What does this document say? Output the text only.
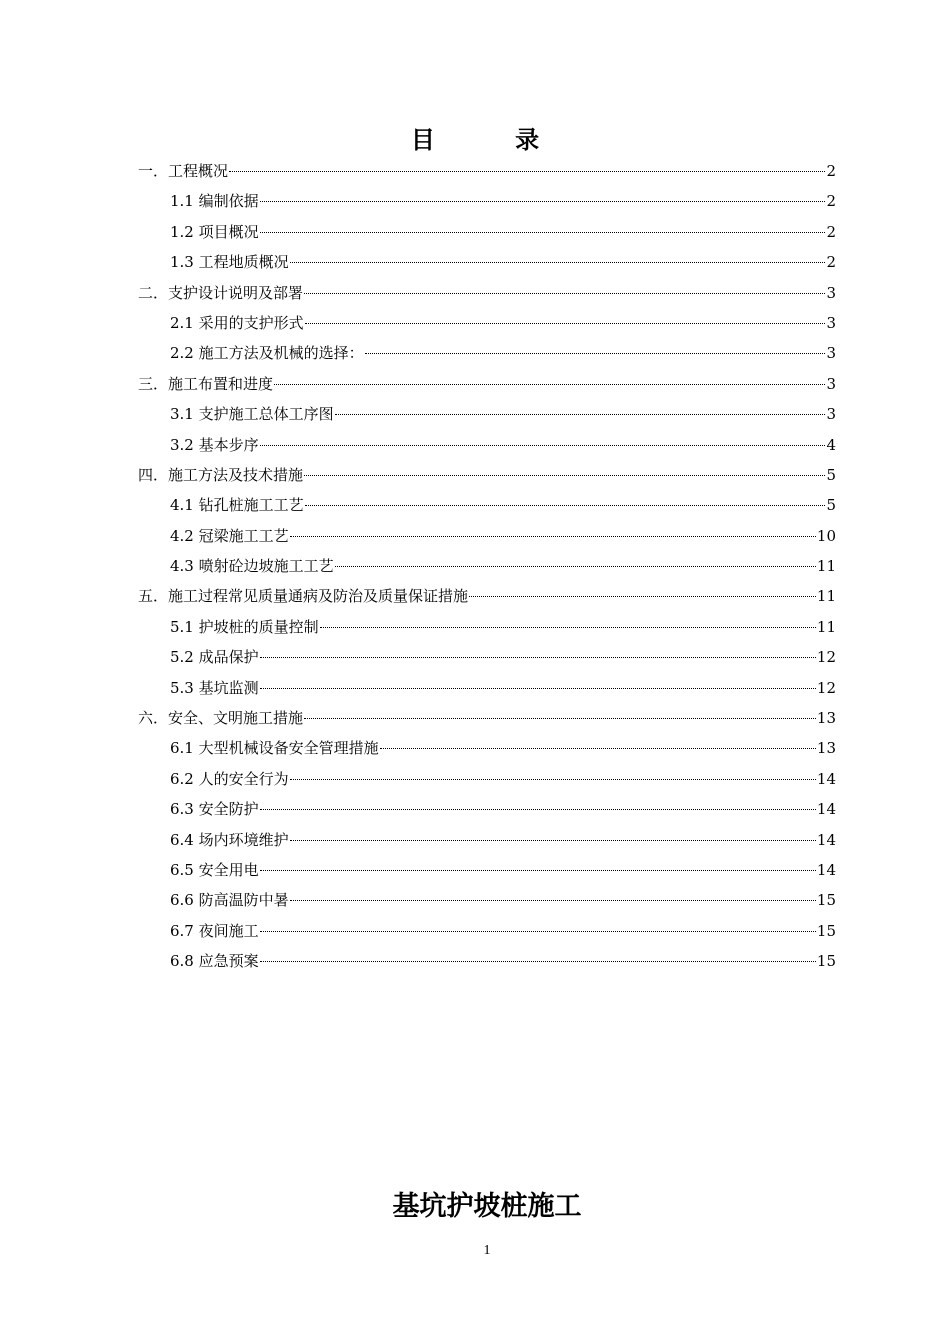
目 录
一．工程概况	2
1.1 编制依据	2
1.2 项目概况	2
1.3 工程地质概况	2
二．支护设计说明及部署	3
2.1 采用的支护形式	3
2.2 施工方法及机械的选择：	3
三．施工布置和进度	3
3.1 支护施工总体工序图	3
3.2 基本步序	4
四．施工方法及技术措施	5
4.1 钻孔桩施工工艺	5
4.2 冠梁施工工艺	10
4.3 喷射砼边坡施工工艺	11
五．施工过程常见质量通病及防治及质量保证措施	11
5.1 护坡桩的质量控制	11
5.2 成品保护	12
5.3 基坑监测	12
六．安全、文明施工措施	13
6.1 大型机械设备安全管理措施	13
6.2 人的安全行为	14
6.3 安全防护	14
6.4 场内环境维护	14
6.5 安全用电	14
6.6 防高温防中暑	15
6.7 夜间施工	15
6.8 应急预案	15
基坑护坡桩施工
1
